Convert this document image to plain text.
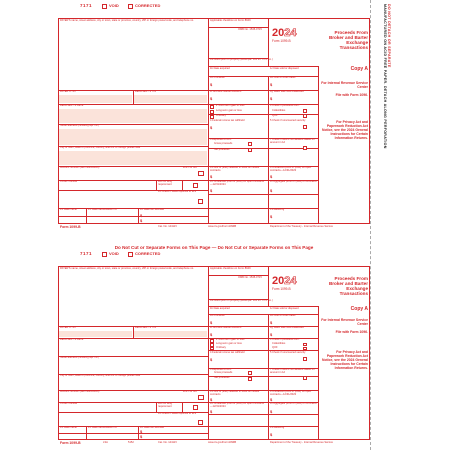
7171	VOID	CORRECTED
PAYER'S name, street address, city or town, state or province, country, ZIP or foreign postal code, and telephone no.
PAYER'S TIN	RECIPIENT'S TIN
RECIPIENT'S name
Street address (including apt. no.)
City or town, state or province, country, and ZIP or foreign postal code
Account number (see instructions)	2nd TIN not.
CUSIP number	FATCA filing requirement
12 Check if basis reported to IRS
14 State name	15 State identification no.	16 State tax withheld
$
$
Applicable checkbox on Form 8949
OMB No. 1545-0715 2024
Form 1099-B
Proceeds From Broker and Barter Exchange Transactions
1a Description of property (Example: 100 sh. XYZ Co.)
1b Date acquired	1c Date sold or disposed
1d Proceeds
$
1e Cost or other basis
$
1f Accrued market discount
$
1g Wash sale loss disallowed
$
2 Short-term gain or loss
Long-term gain or loss
Ordinary
3 Check if proceeds from:
Collectibles
QOF
4 Federal income tax withheld
$
5 Check if noncovered security
6 Reported to IRS:
Gross proceeds
Net proceeds
7 Check if loss is not allowed based on amount in 1d
8 Profit or (loss) realized in 2024 on closed contracts
$
9 Unrealized profit or (loss) on open contracts—12/31/2023
$
10 Unrealized profit or (loss) on open contracts—12/31/2024
$
11 Aggregate profit or (loss) on contracts
$
13 Bartering
$
Copy A
For Internal Revenue Service Center
File with Form 1096.
For Privacy Act and Paperwork Reduction Act Notice, see the 2024 General Instructions for Certain Information Returns.
Form 1099-B	Cat. No. 14411V	www.irs.gov/Form1099B	Department of the Treasury - Internal Revenue Service
Do Not Cut or Separate Forms on This Page — Do Not Cut or Separate Forms on This Page
7171	VOID	CORRECTED
PAYER'S name, street address, city or town, state or province, country, ZIP or foreign postal code, and telephone no.
PAYER'S TIN	RECIPIENT'S TIN
RECIPIENT'S name
Street address (including apt. no.)
City or town, state or province, country, and ZIP or foreign postal code
Account number (see instructions)	2nd TIN not.
CUSIP number	FATCA filing requirement
12 Check if basis reported to IRS
14 State name	15 State identification no.	16 State tax withheld
$
$
Applicable checkbox on Form 8949
OMB No. 1545-0715 2024
Form 1099-B
Proceeds From Broker and Barter Exchange Transactions
1a Description of property (Example: 100 sh. XYZ Co.)
1b Date acquired	1c Date sold or disposed
1d Proceeds
$
1e Cost or other basis
$
1f Accrued market discount
$
1g Wash sale loss disallowed
$
2 Short-term gain or loss
Long-term gain or loss
Ordinary
3 Check if proceeds from:
Collectibles
QOF
4 Federal income tax withheld
$
5 Check if noncovered security
6 Reported to IRS:
Gross proceeds
Net proceeds
7 Check if loss is not allowed based on amount in 1d
8 Profit or (loss) realized in 2024 on closed contracts
$
9 Unrealized profit or (loss) on open contracts—12/31/2023
$
10 Unrealized profit or (loss) on open contracts—12/31/2024
$
11 Aggregate profit or (loss) on contracts
$
13 Bartering
$
Copy A
For Internal Revenue Service Center
File with Form 1096.
For Privacy Act and Paperwork Reduction Act Notice, see the 2024 General Instructions for Certain Information Returns.
Form 1099-B	LSA	5152	Cat. No. 14411V	www.irs.gov/Form1099B	Department of the Treasury - Internal Revenue Service
DO NOT DETACH OR SEPARATE
MANUFACTURED ON ACID FREE PAPER. DETACH ALONG PERFORATION
